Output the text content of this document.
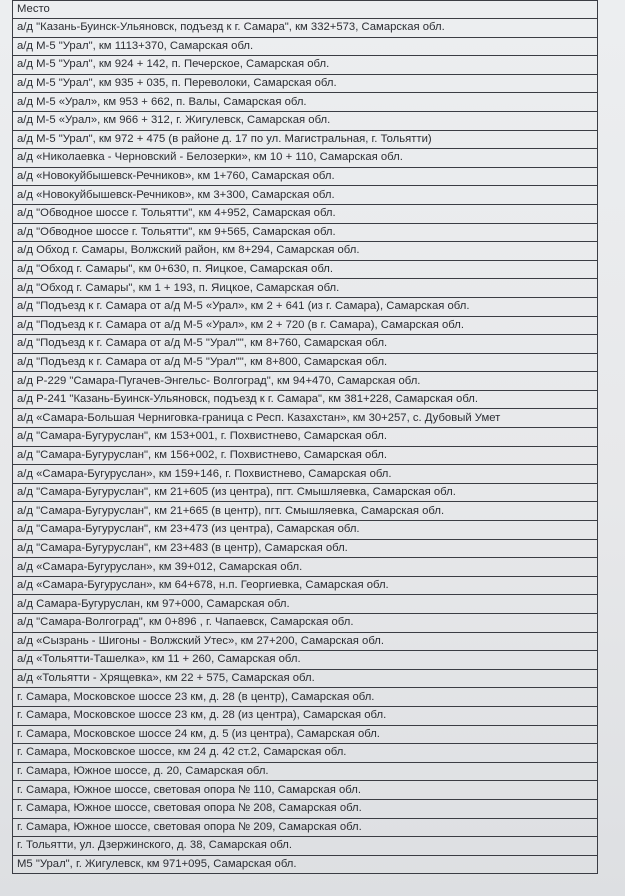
Место
а/д "Казань-Буинск-Ульяновск, подъезд к г. Самара", км 332+573, Самарская обл.
а/д М-5 "Урал", км 1113+370, Самарская обл.
а/д М-5 "Урал", км 924 + 142, п. Печерское, Самарская обл.
а/д М-5 "Урал", км 935 + 035, п. Переволоки, Самарская обл.
а/д М-5 «Урал», км 953 + 662, п. Валы, Самарская обл.
а/д М-5 «Урал», км 966 + 312, г. Жигулевск, Самарская обл.
а/д М-5 "Урал", км 972 + 475 (в районе д. 17 по ул. Магистральная, г. Тольятти)
а/д «Николаевка - Черновский - Белозерки», км 10 + 110, Самарская обл.
а/д «Новокуйбышевск-Речников», км 1+760, Самарская обл.
а/д «Новокуйбышевск-Речников», км 3+300, Самарская обл.
а/д "Обводное шоссе г. Тольятти", км 4+952, Самарская обл.
а/д "Обводное шоссе г. Тольятти", км 9+565, Самарская обл.
а/д Обход г. Самары, Волжский район, км 8+294, Самарская обл.
а/д "Обход г. Самары", км 0+630, п. Яицкое, Самарская обл.
а/д "Обход г. Самары", км 1 + 193, п. Яицкое, Самарская обл.
а/д "Подъезд к г. Самара от а/д М-5 «Урал», км 2 + 641 (из г. Самара), Самарская обл.
а/д "Подъезд к г. Самара от а/д М-5 «Урал», км 2 + 720 (в г. Самара), Самарская обл.
а/д "Подъезд к г. Самара от а/д М-5 "Урал"", км 8+760, Самарская обл.
а/д "Подъезд к г. Самара от а/д М-5 "Урал"", км 8+800, Самарская обл.
а/д Р-229 "Самара-Пугачев-Энгельс- Волгоград", км 94+470, Самарская обл.
а/д Р-241 "Казань-Буинск-Ульяновск, подъезд к г. Самара", км 381+228, Самарская обл.
а/д «Самара-Большая Черниговка-граница с Респ. Казахстан», км 30+257, с. Дубовый Умет
а/д "Самара-Бугуруслан", км 153+001, г. Похвистнево, Самарская обл.
а/д "Самара-Бугуруслан", км 156+002, г. Похвистнево, Самарская обл.
а/д «Самара-Бугуруслан», км 159+146, г. Похвистнево, Самарская обл.
а/д "Самара-Бугуруслан", км 21+605 (из центра), пгт. Смышляевка, Самарская обл.
а/д "Самара-Бугуруслан", км 21+665 (в центр), пгт. Смышляевка, Самарская обл.
а/д "Самара-Бугуруслан", км 23+473 (из центра), Самарская обл.
а/д "Самара-Бугуруслан", км 23+483 (в центр), Самарская обл.
а/д «Самара-Бугуруслан», км 39+012, Самарская обл.
а/д «Самара-Бугуруслан», км 64+678, н.п. Георгиевка, Самарская обл.
а/д Самара-Бугуруслан, км 97+000, Самарская обл.
а/д "Самара-Волгоград", км 0+896 , г. Чапаевск, Самарская обл.
а/д «Сызрань - Шигоны - Волжский Утес», км 27+200, Самарская обл.
а/д «Тольятти-Ташелка», км 11 + 260, Самарская обл.
а/д «Тольятти - Хрящевка», км 22 + 575, Самарская обл.
г. Самара, Московское шоссе 23 км, д. 28 (в центр), Самарская обл.
г. Самара, Московское шоссе 23 км, д. 28 (из центра), Самарская обл.
г. Самара, Московское шоссе 24 км, д. 5 (из центра), Самарская обл.
г. Самара, Московское шоссе, км 24 д. 42 ст.2, Самарская обл.
г. Самара, Южное шоссе, д. 20, Самарская обл.
г. Самара, Южное шоссе, световая опора № 110, Самарская обл.
г. Самара, Южное шоссе, световая опора № 208, Самарская обл.
г. Самара, Южное шоссе, световая опора № 209, Самарская обл.
г. Тольятти, ул. Дзержинского, д. 38, Самарская обл.
М5 "Урал", г. Жигулевск, км 971+095, Самарская обл.
